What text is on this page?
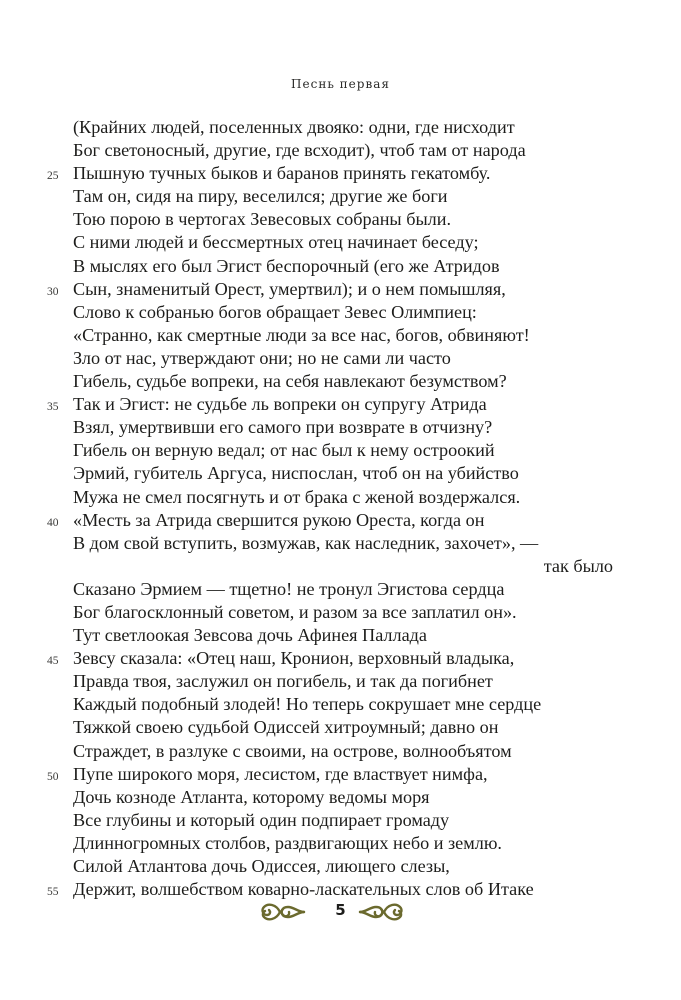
Песнь первая
(Крайних людей, поселенных двояко: одни, где нисходит
Бог светоносный, другие, где всходит), чтоб там от народа
25 Пышную тучных быков и баранов принять гекатомбу.
Там он, сидя на пиру, веселился; другие же боги
Тою порою в чертогах Зевесовых собраны были.
С ними людей и бессмертных отец начинает беседу;
В мыслях его был Эгист беспорочный (его же Атридов
30 Сын, знаменитый Орест, умертвил); и о нем помышляя,
Слово к собранью богов обращает Зевес Олимпиец:
«Странно, как смертные люди за все нас, богов, обвиняют!
Зло от нас, утверждают они; но не сами ли часто
Гибель, судьбе вопреки, на себя навлекают безумством?
35 Так и Эгист: не судьбе ль вопреки он супругу Атрида
Взял, умертвивши его самого при возврате в отчизну?
Гибель он верную ведал; от нас был к нему остроокий
Эрмий, губитель Аргуса, ниспослан, чтоб он на убийство
Мужа не смел посягнуть и от брака с женой воздержался.
40 «Месть за Атрида свершится рукою Ореста, когда он
В дом свой вступить, возмужав, как наследник, захочет», —
так было
Сказано Эрмием — тщетно! не тронул Эгистова сердца
Бог благосклонный советом, и разом за все заплатил он».
Тут светлоокая Зевсова дочь Афинея Паллада
45 Зевсу сказала: «Отец наш, Кронион, верховный владыка,
Правда твоя, заслужил он погибель, и так да погибнет
Каждый подобный злодей! Но теперь сокрушает мне сердце
Тяжкой своею судьбой Одиссей хитроумный; давно он
Страждет, в разлуке с своими, на острове, волнообъятом
50 Пупе широкого моря, лесистом, где властвует нимфа,
Дочь козноде Атланта, которому ведомы моря
Все глубины и который один подпирает громаду
Длинногромных столбов, раздвигающих небо и землю.
Силой Атлантова дочь Одиссея, лиющего слезы,
55 Держит, волшебством коварно-ласкательных слов об Итаке
5
